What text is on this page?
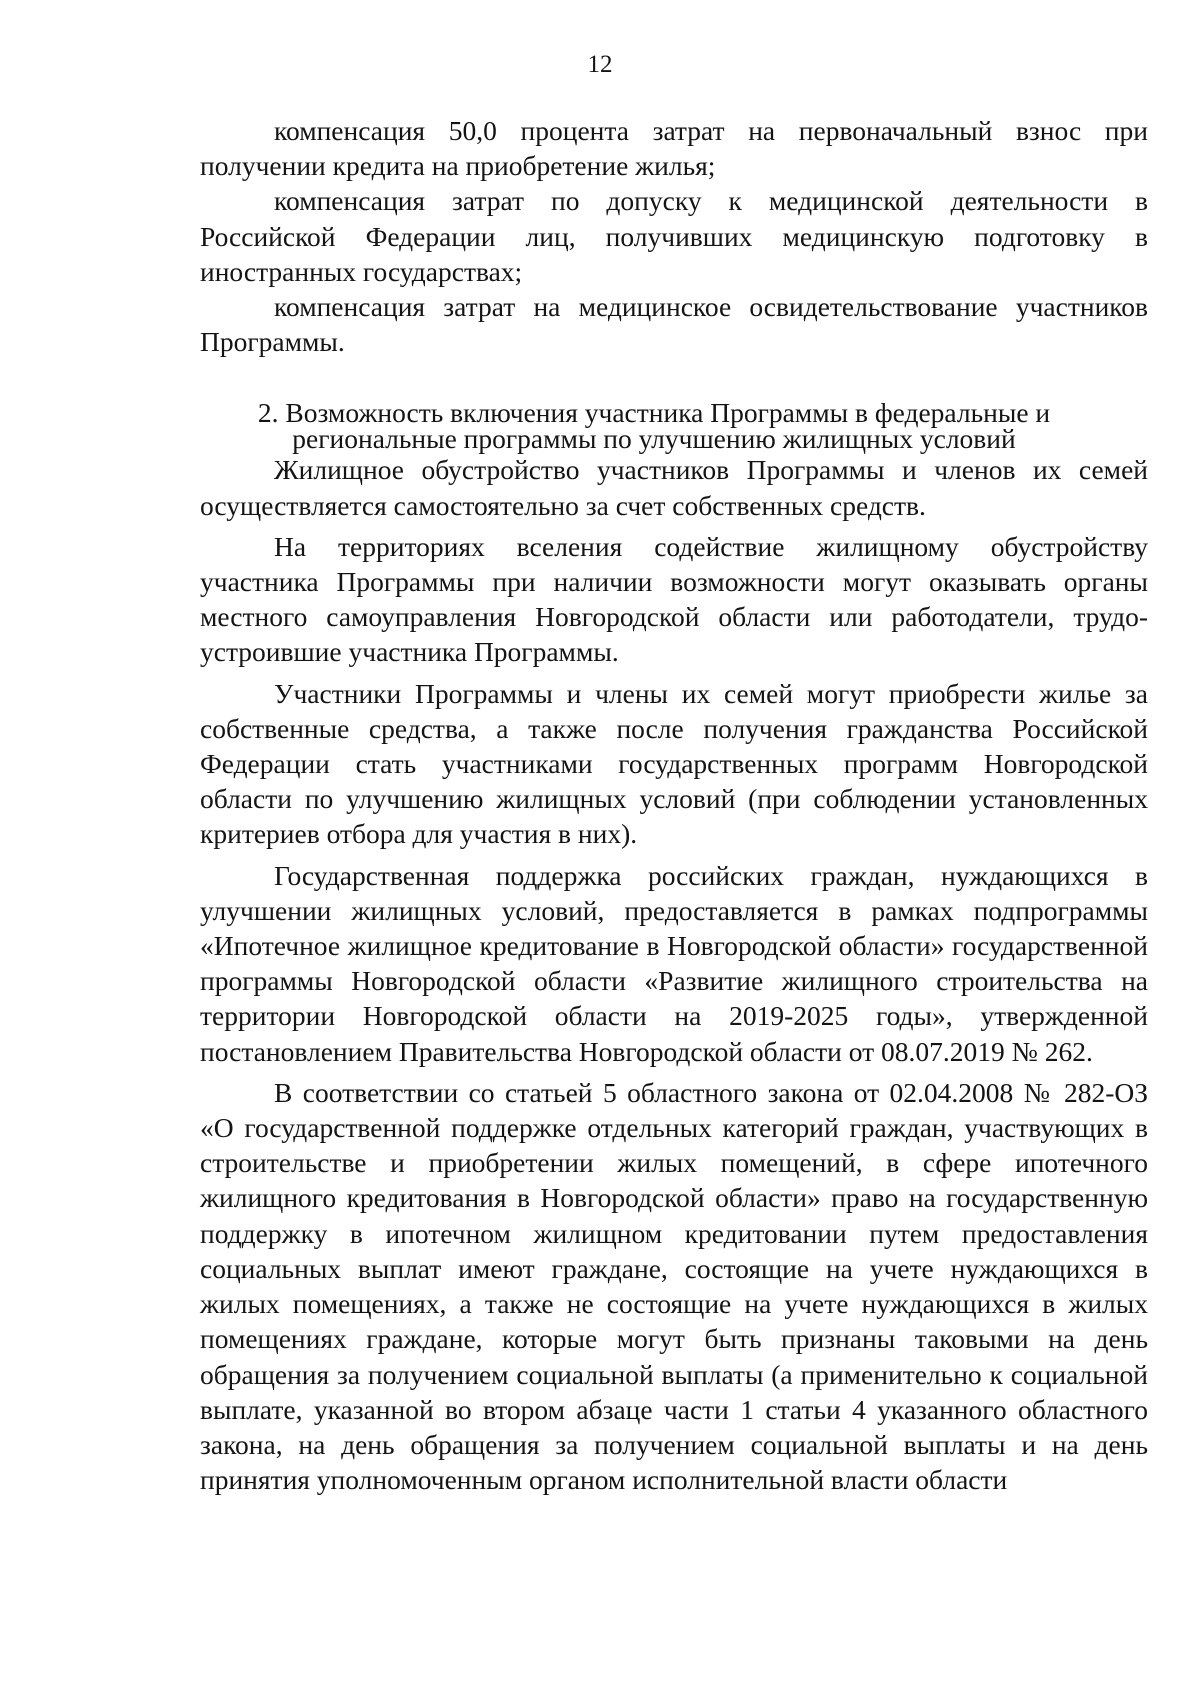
12

компенсация 50,0 процента затрат на первоначальный взнос при получении кредита на приобретение жилья;

компенсация затрат по допуску к медицинской деятельности в Российской Федерации лиц, получивших медицинскую подготовку в иностранных государствах;

компенсация затрат на медицинское освидетельствование участников Программы.

2. Возможность включения участника Программы в федеральные и
региональные программы по улучшению жилищных условий

Жилищное обустройство участников Программы и членов их семей осуществляется самостоятельно за счет собственных средств.

На территориях вселения содействие жилищному обустройству участника Программы при наличии возможности могут оказывать органы местного самоуправления Новгородской области или работодатели, трудоустроившие участника Программы.

Участники Программы и члены их семей могут приобрести жилье за собственные средства, а также после получения гражданства Российской Федерации стать участниками государственных программ Новгородской области по улучшению жилищных условий (при соблюдении установленных критериев отбора для участия в них).

Государственная поддержка российских граждан, нуждающихся в улучшении жилищных условий, предоставляется в рамках подпрограммы «Ипотечное жилищное кредитование в Новгородской области» государственной программы Новгородской области «Развитие жилищного строительства на территории Новгородской области на 2019-2025 годы», утвержденной постановлением Правительства Новгородской области от 08.07.2019 № 262.

В соответствии со статьей 5 областного закона от 02.04.2008 № 282-ОЗ «О государственной поддержке отдельных категорий граждан, участвующих в строительстве и приобретении жилых помещений, в сфере ипотечного жилищного кредитования в Новгородской области» право на государственную поддержку в ипотечном жилищном кредитовании путем предоставления социальных выплат имеют граждане, состоящие на учете нуждающихся в жилых помещениях, а также не состоящие на учете нуждающихся в жилых помещениях граждане, которые могут быть признаны таковыми на день обращения за получением социальной выплаты (а применительно к социальной выплате, указанной во втором абзаце части 1 статьи 4 указанного областного закона, на день обращения за получением социальной выплаты и на день принятия уполномоченным органом исполнительной власти области
